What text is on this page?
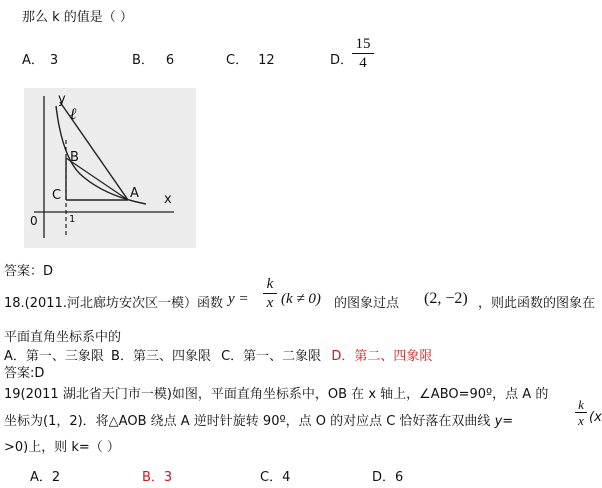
那么 k 的值是（ ）
A． 3	B． 6	C． 12	D．
15
4
y
x
ℓ
B
C	A
0	1
答案：D
18.(2011.河北廊坊安次区一模）函数 y =
k
x (k ≠ 0) 的图象过点 (2, −2) ，则此函数的图象在
平面直角坐标系中的
A．第一、三象限 B．第三、四象限 C．第一、二象限 D．第二、四象限
答案:D
19(2011 湖北省天门市一模)如图，平面直角坐标系中，OB 在 x 轴上，∠ABO=90º，点 A 的
坐标为(1，2)．将△AOB 绕点 A 逆时针旋转 90º，点 O 的对应点 C 恰好落在双曲线 y=
k
x (x
>0)上，则 k=（ ）
A．2	B．3	C．4	D．6
